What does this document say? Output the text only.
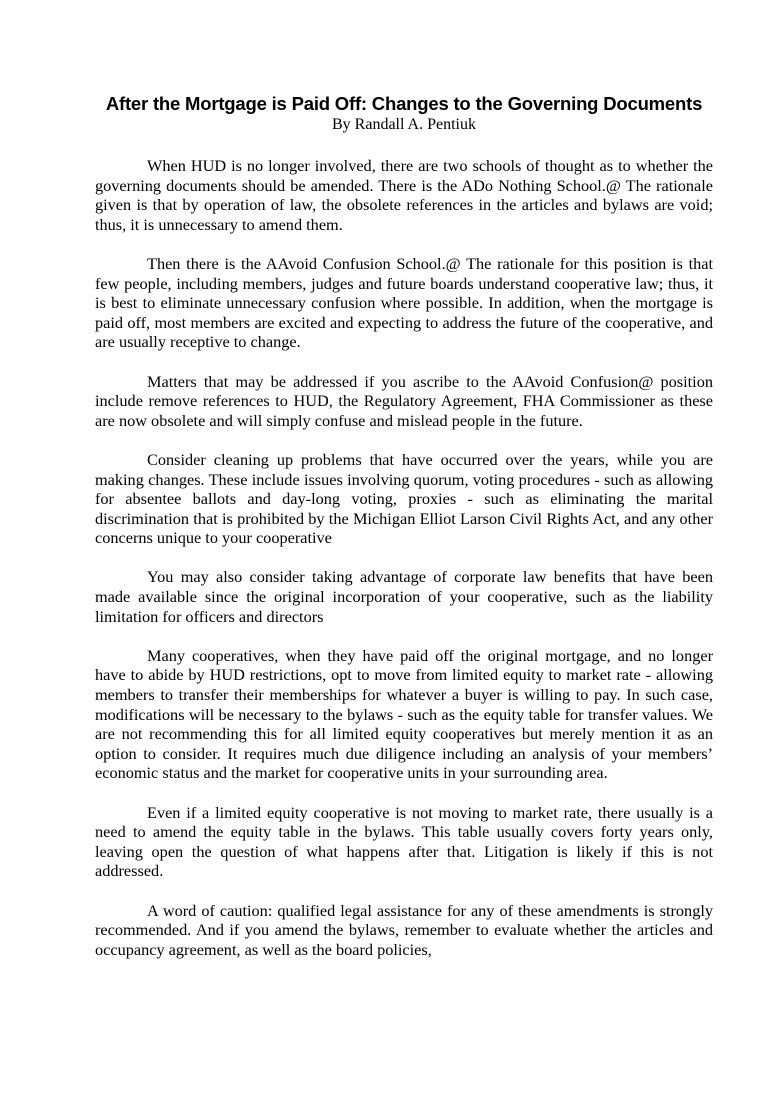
After the Mortgage is Paid Off: Changes to the Governing Documents

By Randall A. Pentiuk

When HUD is no longer involved, there are two schools of thought as to whether the governing documents should be amended. There is the ADo Nothing School.@ The rationale given is that by operation of law, the obsolete references in the articles and bylaws are void; thus, it is unnecessary to amend them.

Then there is the AAvoid Confusion School.@ The rationale for this position is that few people, including members, judges and future boards understand cooperative law; thus, it is best to eliminate unnecessary confusion where possible. In addition, when the mortgage is paid off, most members are excited and expecting to address the future of the cooperative, and are usually receptive to change.

Matters that may be addressed if you ascribe to the AAvoid Confusion@ position include remove references to HUD, the Regulatory Agreement, FHA Commissioner as these are now obsolete and will simply confuse and mislead people in the future.

Consider cleaning up problems that have occurred over the years, while you are making changes. These include issues involving quorum, voting procedures - such as allowing for absentee ballots and day-long voting, proxies - such as eliminating the marital discrimination that is prohibited by the Michigan Elliot Larson Civil Rights Act, and any other concerns unique to your cooperative

You may also consider taking advantage of corporate law benefits that have been made available since the original incorporation of your cooperative, such as the liability limitation for officers and directors

Many cooperatives, when they have paid off the original mortgage, and no longer have to abide by HUD restrictions, opt to move from limited equity to market rate - allowing members to transfer their memberships for whatever a buyer is willing to pay. In such case, modifications will be necessary to the bylaws - such as the equity table for transfer values. We are not recommending this for all limited equity cooperatives but merely mention it as an option to consider. It requires much due diligence including an analysis of your members’ economic status and the market for cooperative units in your surrounding area.

Even if a limited equity cooperative is not moving to market rate, there usually is a need to amend the equity table in the bylaws. This table usually covers forty years only, leaving open the question of what happens after that. Litigation is likely if this is not addressed.

A word of caution: qualified legal assistance for any of these amendments is strongly recommended. And if you amend the bylaws, remember to evaluate whether the articles and occupancy agreement, as well as the board policies,
